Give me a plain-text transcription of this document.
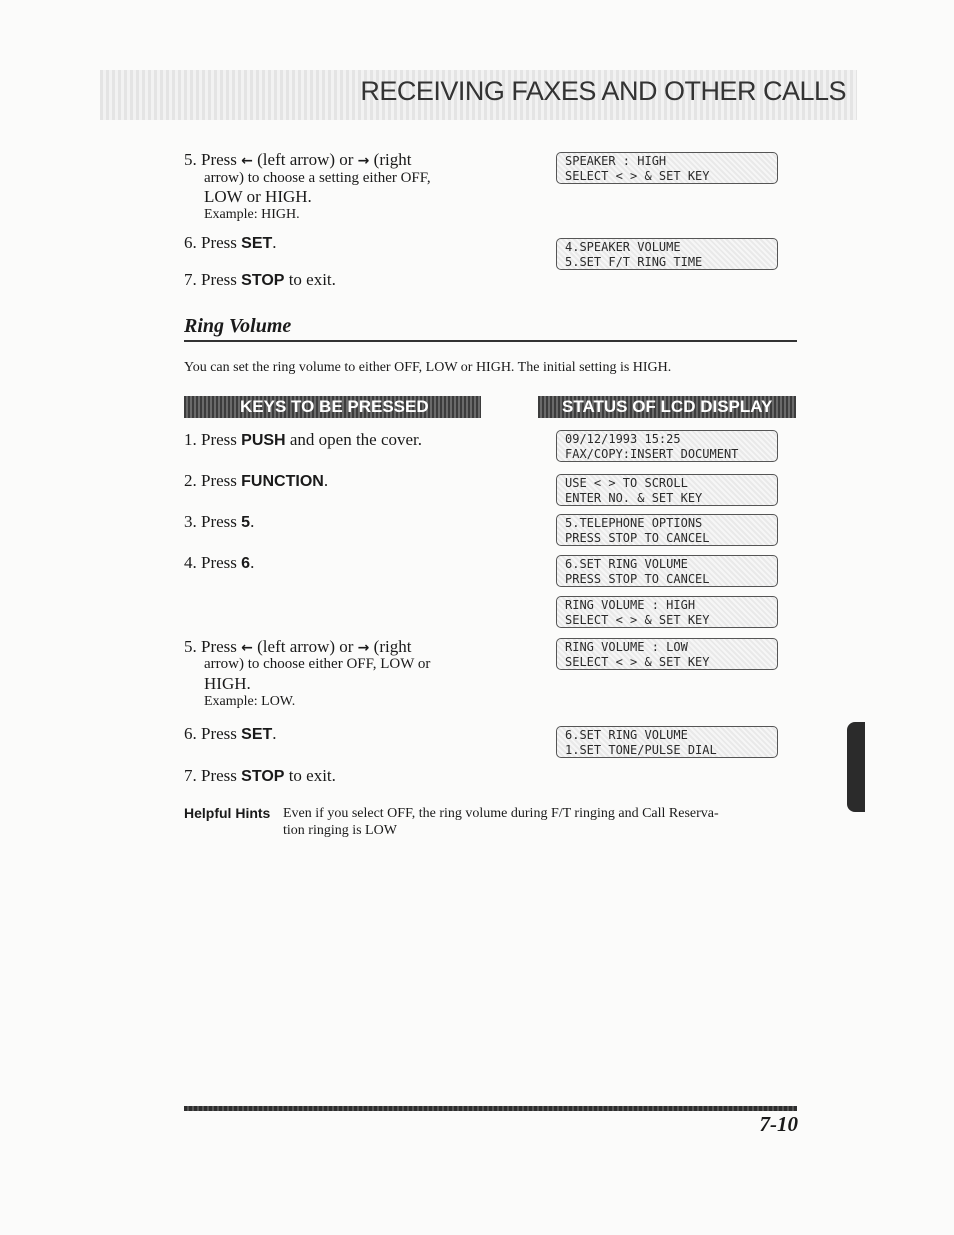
RECEIVING FAXES AND OTHER CALLS
5. Press ← (left arrow) or → (right
arrow) to choose a setting either OFF,
LOW or HIGH.
Example: HIGH.
6. Press SET.
7. Press STOP to exit.
SPEAKER : HIGH
SELECT < > & SET KEY
4.SPEAKER VOLUME
5.SET F/T RING TIME
Ring Volume
You can set the ring volume to either OFF, LOW or HIGH. The initial setting is HIGH.
KEYS TO BE PRESSED	STATUS OF LCD DISPLAY
1. Press PUSH and open the cover.
2. Press FUNCTION.
3. Press 5.
4. Press 6.
5. Press ← (left arrow) or → (right
arrow) to choose either OFF, LOW or
HIGH.
Example: LOW.
6. Press SET.
7. Press STOP to exit.
09/12/1993 15:25
FAX/COPY:INSERT DOCUMENT
USE < > TO SCROLL
ENTER NO. & SET KEY
5.TELEPHONE OPTIONS
PRESS STOP TO CANCEL
6.SET RING VOLUME
PRESS STOP TO CANCEL
RING VOLUME : HIGH
SELECT < > & SET KEY
RING VOLUME : LOW
SELECT < > & SET KEY
6.SET RING VOLUME
1.SET TONE/PULSE DIAL
Helpful Hints Even if you select OFF, the ring volume during F/T ringing and Call Reserva-
tion ringing is LOW
7-10
